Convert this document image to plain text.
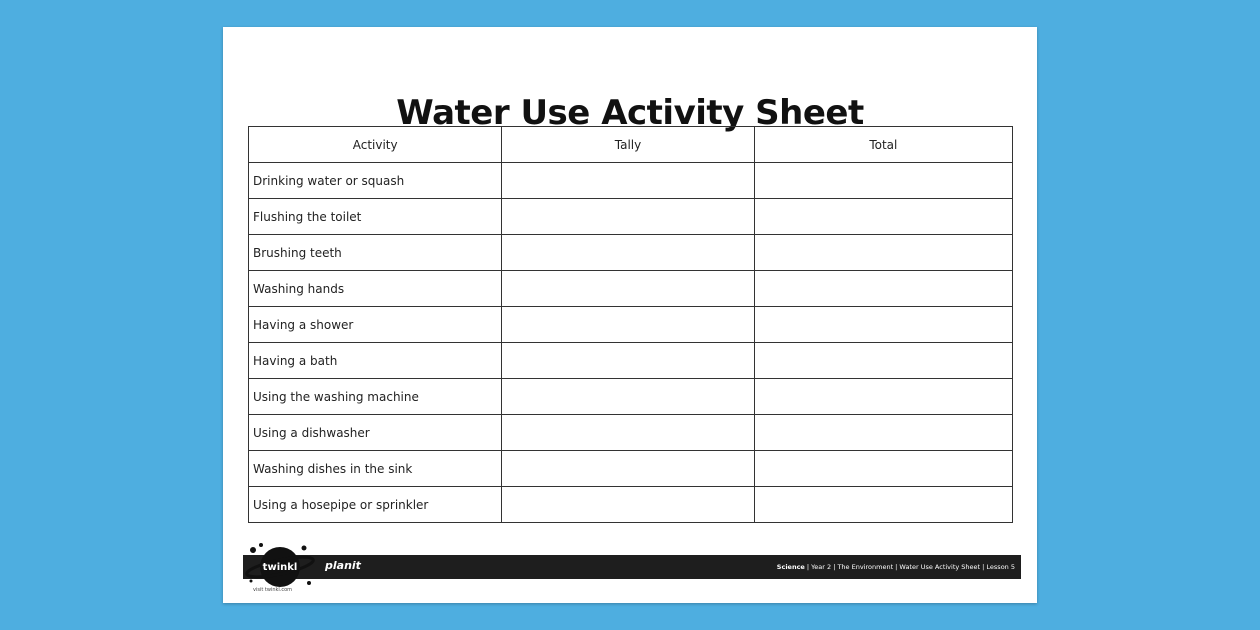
Water Use Activity Sheet
Activity	Tally	Total
Drinking water or squash		
Flushing the toilet		
Brushing teeth		
Washing hands		
Having a shower		
Having a bath		
Using the washing machine		
Using a dishwasher		
Washing dishes in the sink		
Using a hosepipe or sprinkler		
Science | Year 2 | The Environment | Water Use Activity Sheet | Lesson 5
twinkl	planit
visit twinkl.com
